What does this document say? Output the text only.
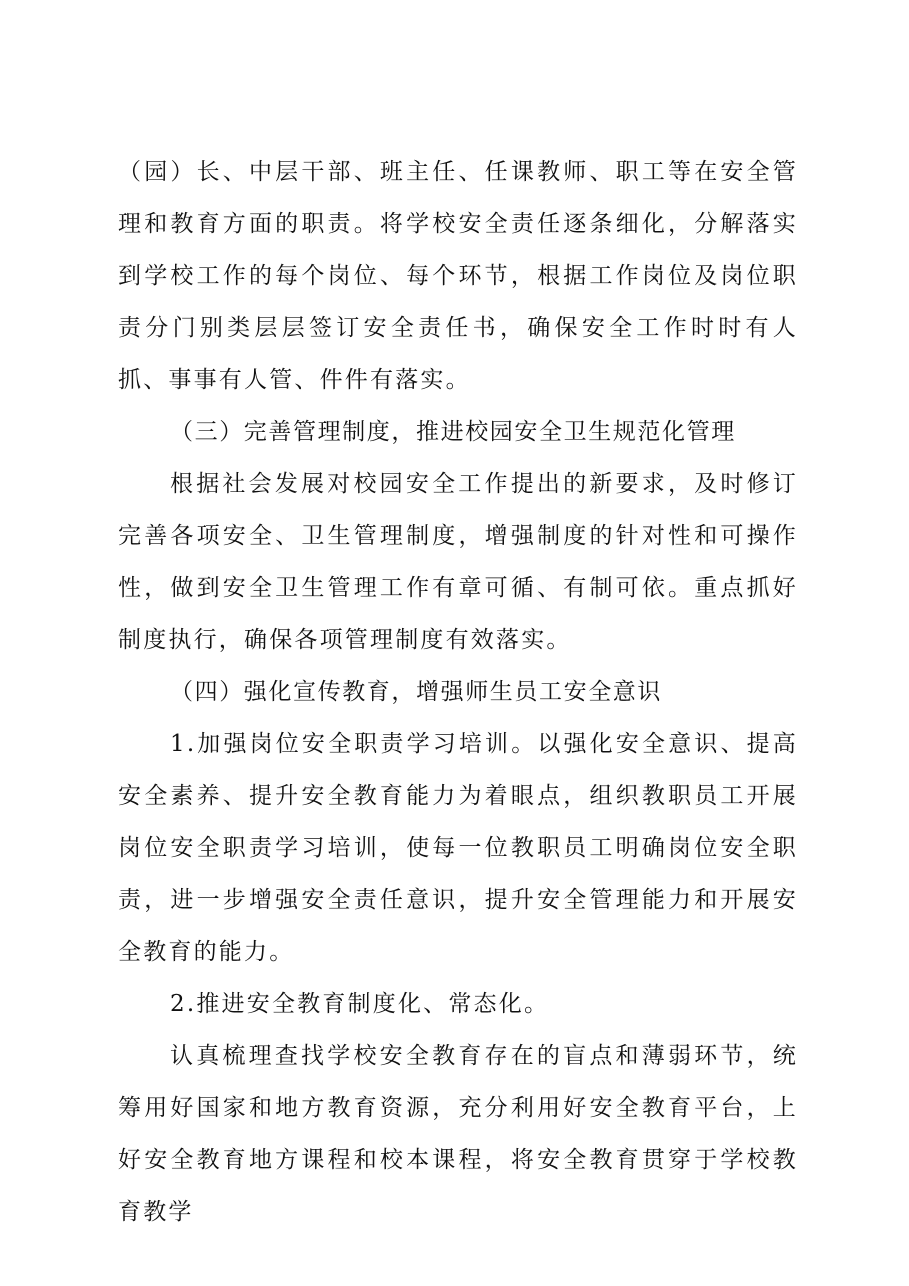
（园）长、中层干部、班主任、任课教师、职工等在安全管理和教育方面的职责。将学校安全责任逐条细化，分解落实到学校工作的每个岗位、每个环节，根据工作岗位及岗位职责分门别类层层签订安全责任书，确保安全工作时时有人抓、事事有人管、件件有落实。

（三）完善管理制度，推进校园安全卫生规范化管理

根据社会发展对校园安全工作提出的新要求，及时修订完善各项安全、卫生管理制度，增强制度的针对性和可操作性，做到安全卫生管理工作有章可循、有制可依。重点抓好制度执行，确保各项管理制度有效落实。

（四）强化宣传教育，增强师生员工安全意识

1.加强岗位安全职责学习培训。以强化安全意识、提高安全素养、提升安全教育能力为着眼点，组织教职员工开展岗位安全职责学习培训，使每一位教职员工明确岗位安全职责，进一步增强安全责任意识，提升安全管理能力和开展安全教育的能力。

2.推进安全教育制度化、常态化。

认真梳理查找学校安全教育存在的盲点和薄弱环节，统筹用好国家和地方教育资源，充分利用好安全教育平台，上好安全教育地方课程和校本课程，将安全教育贯穿于学校教育教学
